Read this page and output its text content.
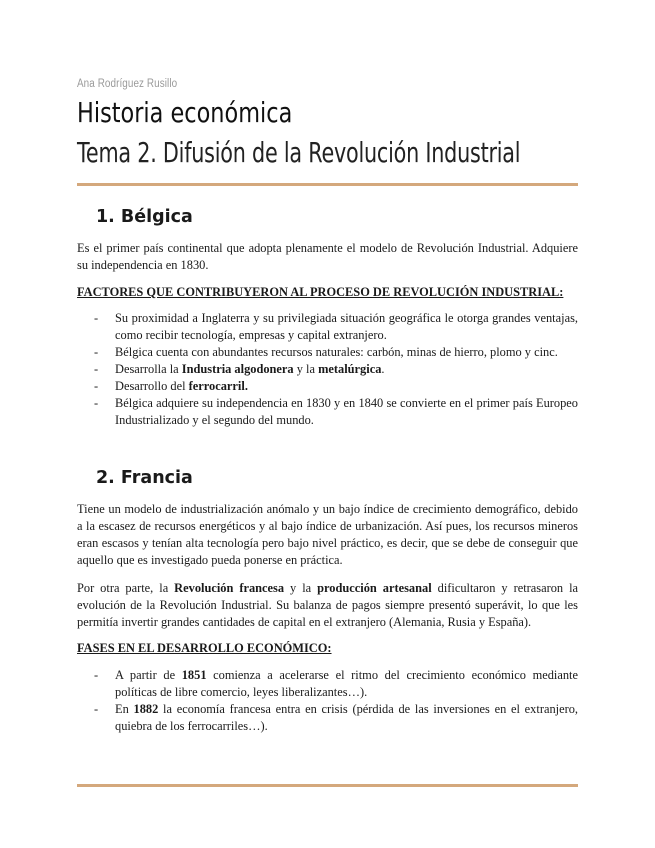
Ana Rodríguez Rusillo
Historia económica
Tema 2. Difusión de la Revolución Industrial
1. Bélgica

Es el primer país continental que adopta plenamente el modelo de Revolución Industrial. Adquiere su independencia en 1830.

FACTORES QUE CONTRIBUYERON AL PROCESO DE REVOLUCIÓN INDUSTRIAL:

- Su proximidad a Inglaterra y su privilegiada situación geográfica le otorga grandes ventajas, como recibir tecnología, empresas y capital extranjero.
- Bélgica cuenta con abundantes recursos naturales: carbón, minas de hierro, plomo y cinc.
- Desarrolla la Industria algodonera y la metalúrgica.
- Desarrollo del ferrocarril.
- Bélgica adquiere su independencia en 1830 y en 1840 se convierte en el primer país Europeo Industrializado y el segundo del mundo.
2. Francia

Tiene un modelo de industrialización anómalo y un bajo índice de crecimiento demográfico, debido a la escasez de recursos energéticos y al bajo índice de urbanización. Así pues, los recursos mineros eran escasos y tenían alta tecnología pero bajo nivel práctico, es decir, que se debe de conseguir que aquello que es investigado pueda ponerse en práctica.

Por otra parte, la Revolución francesa y la producción artesanal dificultaron y retrasaron la evolución de la Revolución Industrial. Su balanza de pagos siempre presentó superávit, lo que les permitía invertir grandes cantidades de capital en el extranjero (Alemania, Rusia y España).

FASES EN EL DESARROLLO ECONÓMICO:

- A partir de 1851 comienza a acelerarse el ritmo del crecimiento económico mediante políticas de libre comercio, leyes liberalizantes…).
- En 1882 la economía francesa entra en crisis (pérdida de las inversiones en el extranjero, quiebra de los ferrocarriles…).
